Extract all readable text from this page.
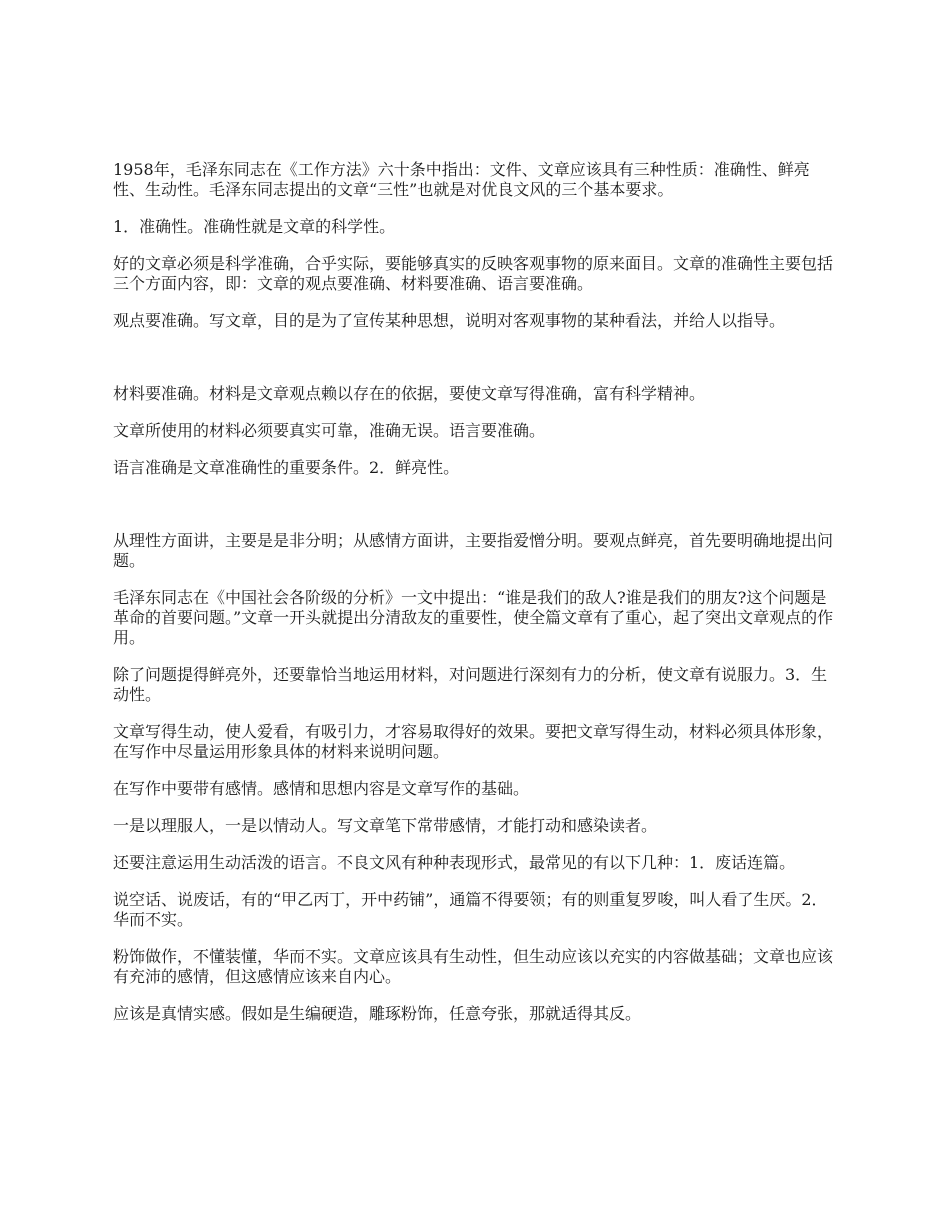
1958年，毛泽东同志在《工作方法》六十条中指出：文件、文章应该具有三种性质：准确性、鲜亮性、生动性。毛泽东同志提出的文章“三性”也就是对优良文风的三个基本要求。

1．准确性。准确性就是文章的科学性。

好的文章必须是科学准确，合乎实际，要能够真实的反映客观事物的原来面目。文章的准确性主要包括三个方面内容，即：文章的观点要准确、材料要准确、语言要准确。

观点要准确。写文章，目的是为了宣传某种思想，说明对客观事物的某种看法，并给人以指导。

材料要准确。材料是文章观点赖以存在的依据，要使文章写得准确，富有科学精神。

文章所使用的材料必须要真实可靠，准确无误。语言要准确。

语言准确是文章准确性的重要条件。2．鲜亮性。

从理性方面讲，主要是是非分明；从感情方面讲，主要指爱憎分明。要观点鲜亮，首先要明确地提出问题。

毛泽东同志在《中国社会各阶级的分析》一文中提出：“谁是我们的敌人?谁是我们的朋友?这个问题是革命的首要问题。”文章一开头就提出分清敌友的重要性，使全篇文章有了重心，起了突出文章观点的作用。

除了问题提得鲜亮外，还要靠恰当地运用材料，对问题进行深刻有力的分析，使文章有说服力。3．生动性。

文章写得生动，使人爱看，有吸引力，才容易取得好的效果。要把文章写得生动，材料必须具体形象，在写作中尽量运用形象具体的材料来说明问题。

在写作中要带有感情。感情和思想内容是文章写作的基础。

一是以理服人，一是以情动人。写文章笔下常带感情，才能打动和感染读者。

还要注意运用生动活泼的语言。不良文风有种种表现形式，最常见的有以下几种：1．废话连篇。

说空话、说废话，有的“甲乙丙丁，开中药铺”，通篇不得要领；有的则重复罗唆，叫人看了生厌。2．华而不实。

粉饰做作，不懂装懂，华而不实。文章应该具有生动性，但生动应该以充实的内容做基础；文章也应该有充沛的感情，但这感情应该来自内心。

应该是真情实感。假如是生编硬造，雕琢粉饰，任意夸张，那就适得其反。
